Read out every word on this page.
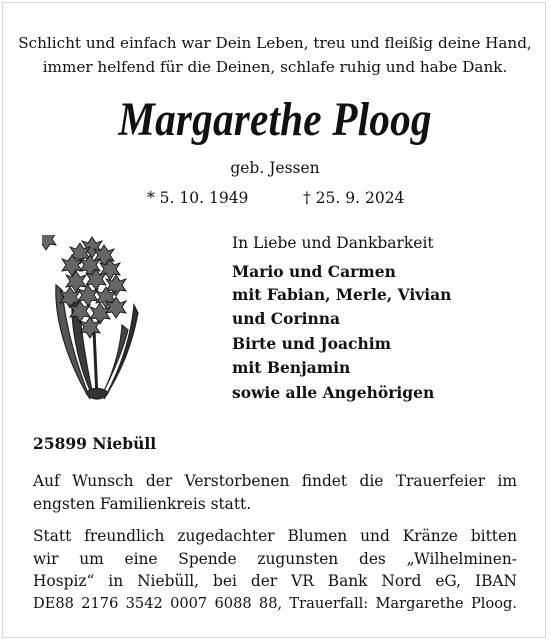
Schlicht und einfach war Dein Leben, treu und fleißig deine Hand,
immer helfend für die Deinen, schlafe ruhig und habe Dank.
Margarethe Ploog
geb. Jessen
* 5. 10. 1949	† 25. 9. 2024
In Liebe und Dankbarkeit
Mario und Carmen
mit Fabian, Merle, Vivian
und Corinna
Birte und Joachim
mit Benjamin
sowie alle Angehörigen
25899 Niebüll
Auf Wunsch der Verstorbenen findet die Trauerfeier im
engsten Familienkreis statt.
Statt freundlich zugedachter Blumen und Kränze bitten
wir um eine Spende zugunsten des „Wilhelminen-
Hospiz“ in Niebüll, bei der VR Bank Nord eG, IBAN
DE88 2176 3542 0007 6088 88, Trauerfall: Margarethe Ploog.
